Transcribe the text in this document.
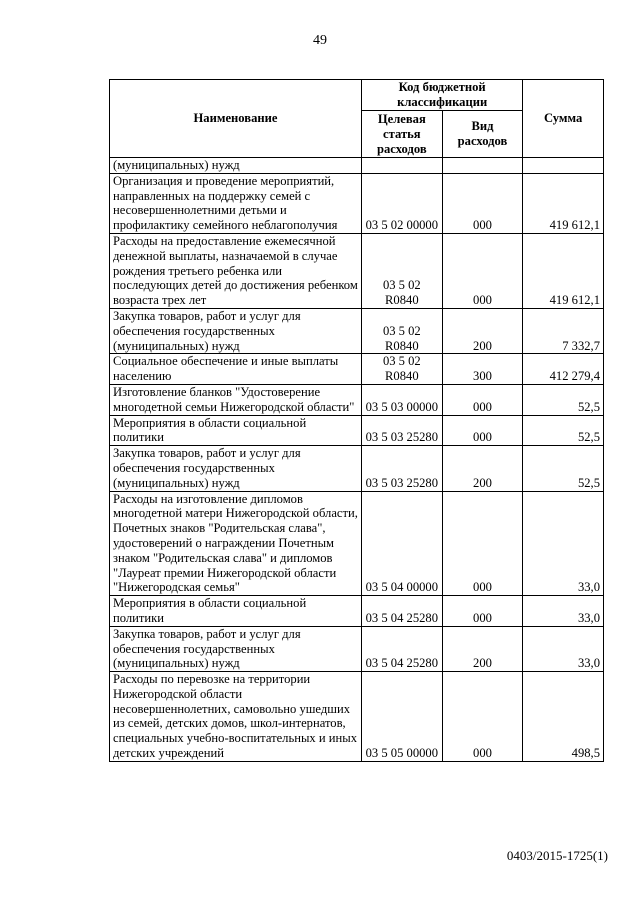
49
Наименование	Код бюджетной классификации		Сумма
	Целевая статья расходов	Вид расходов	
(муниципальных) нужд			
Организация и проведение мероприятий, направленных на поддержку семей с несовершеннолетними детьми и профилактику семейного неблагополучия	03 5 02 00000	000	419 612,1
Расходы на предоставление ежемесячной денежной выплаты, назначаемой в случае рождения третьего ребенка или последующих детей до достижения ребенком возраста трех лет	03 5 02 R0840	000	419 612,1
Закупка товаров, работ и услуг для обеспечения государственных (муниципальных) нужд	03 5 02 R0840	200	7 332,7
Социальное обеспечение и иные выплаты населению	03 5 02 R0840	300	412 279,4
Изготовление бланков "Удостоверение многодетной семьи Нижегородской области"	03 5 03 00000	000	52,5
Мероприятия в области социальной политики	03 5 03 25280	000	52,5
Закупка товаров, работ и услуг для обеспечения государственных (муниципальных) нужд	03 5 03 25280	200	52,5
Расходы на изготовление дипломов многодетной матери Нижегородской области, Почетных знаков "Родительская слава", удостоверений о награждении Почетным знаком "Родительская слава" и дипломов "Лауреат премии Нижегородской области "Нижегородская семья"	03 5 04 00000	000	33,0
Мероприятия в области социальной политики	03 5 04 25280	000	33,0
Закупка товаров, работ и услуг для обеспечения государственных (муниципальных) нужд	03 5 04 25280	200	33,0
Расходы по перевозке на территории Нижегородской области несовершеннолетних, самовольно ушедших из семей, детских домов, школ-интернатов, специальных учебно-воспитательных и иных детских учреждений	03 5 05 00000	000	498,5
0403/2015-1725(1)
